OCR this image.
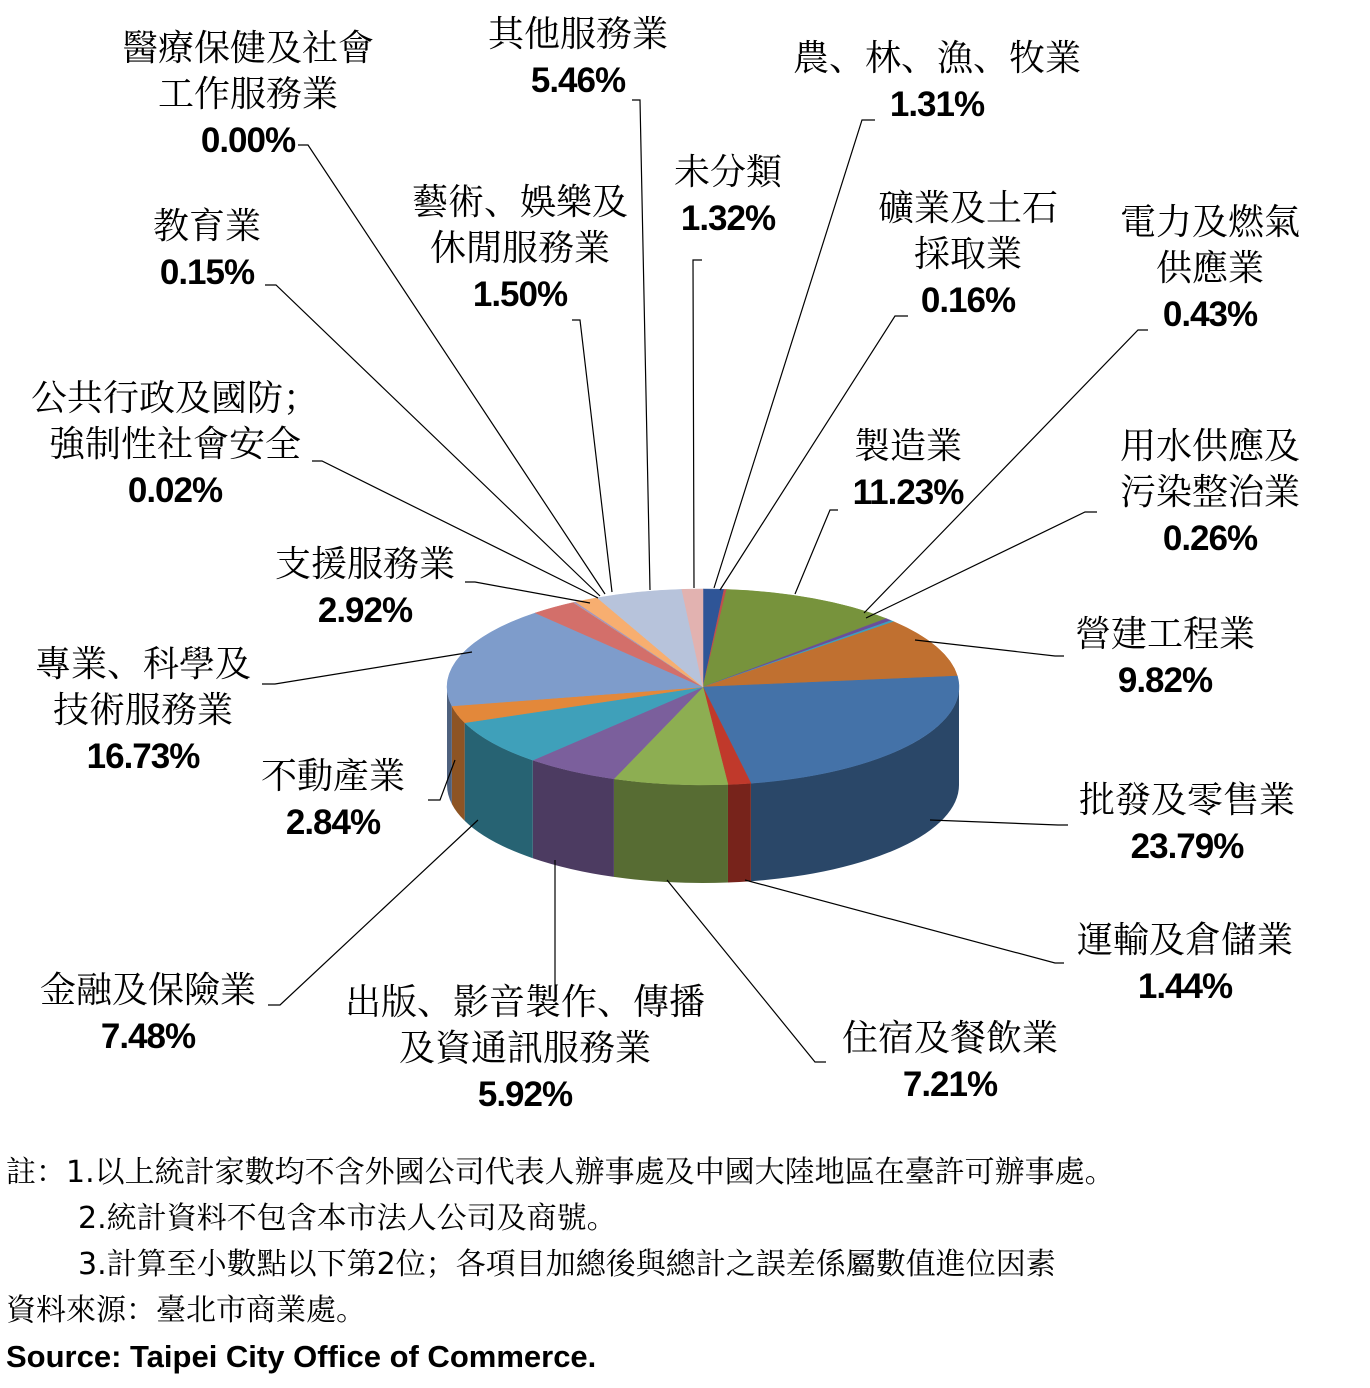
農、林、漁、牧業
1.31%
礦業及土石
採取業
0.16%
製造業
11.23%
電力及燃氣
供應業
0.43%
用水供應及
污染整治業
0.26%
營建工程業
9.82%
批發及零售業
23.79%
運輸及倉儲業
1.44%
住宿及餐飲業
7.21%
出版、影音製作、傳播
及資通訊服務業
5.92%
金融及保險業
7.48%
不動產業
2.84%
專業、科學及
技術服務業
16.73%
支援服務業
2.92%
公共行政及國防；
強制性社會安全
0.02%
教育業
0.15%
醫療保健及社會
工作服務業
0.00%
藝術、娛樂及
休閒服務業
1.50%
其他服務業
5.46%
未分類
1.32%
註：1.以上統計家數均不含外國公司代表人辦事處及中國大陸地區在臺許可辦事處。
2.統計資料不包含本市法人公司及商號。
3.計算至小數點以下第2位；各項目加總後與總計之誤差係屬數值進位因素
資料來源：臺北市商業處。
Source: Taipei City Office of Commerce.
